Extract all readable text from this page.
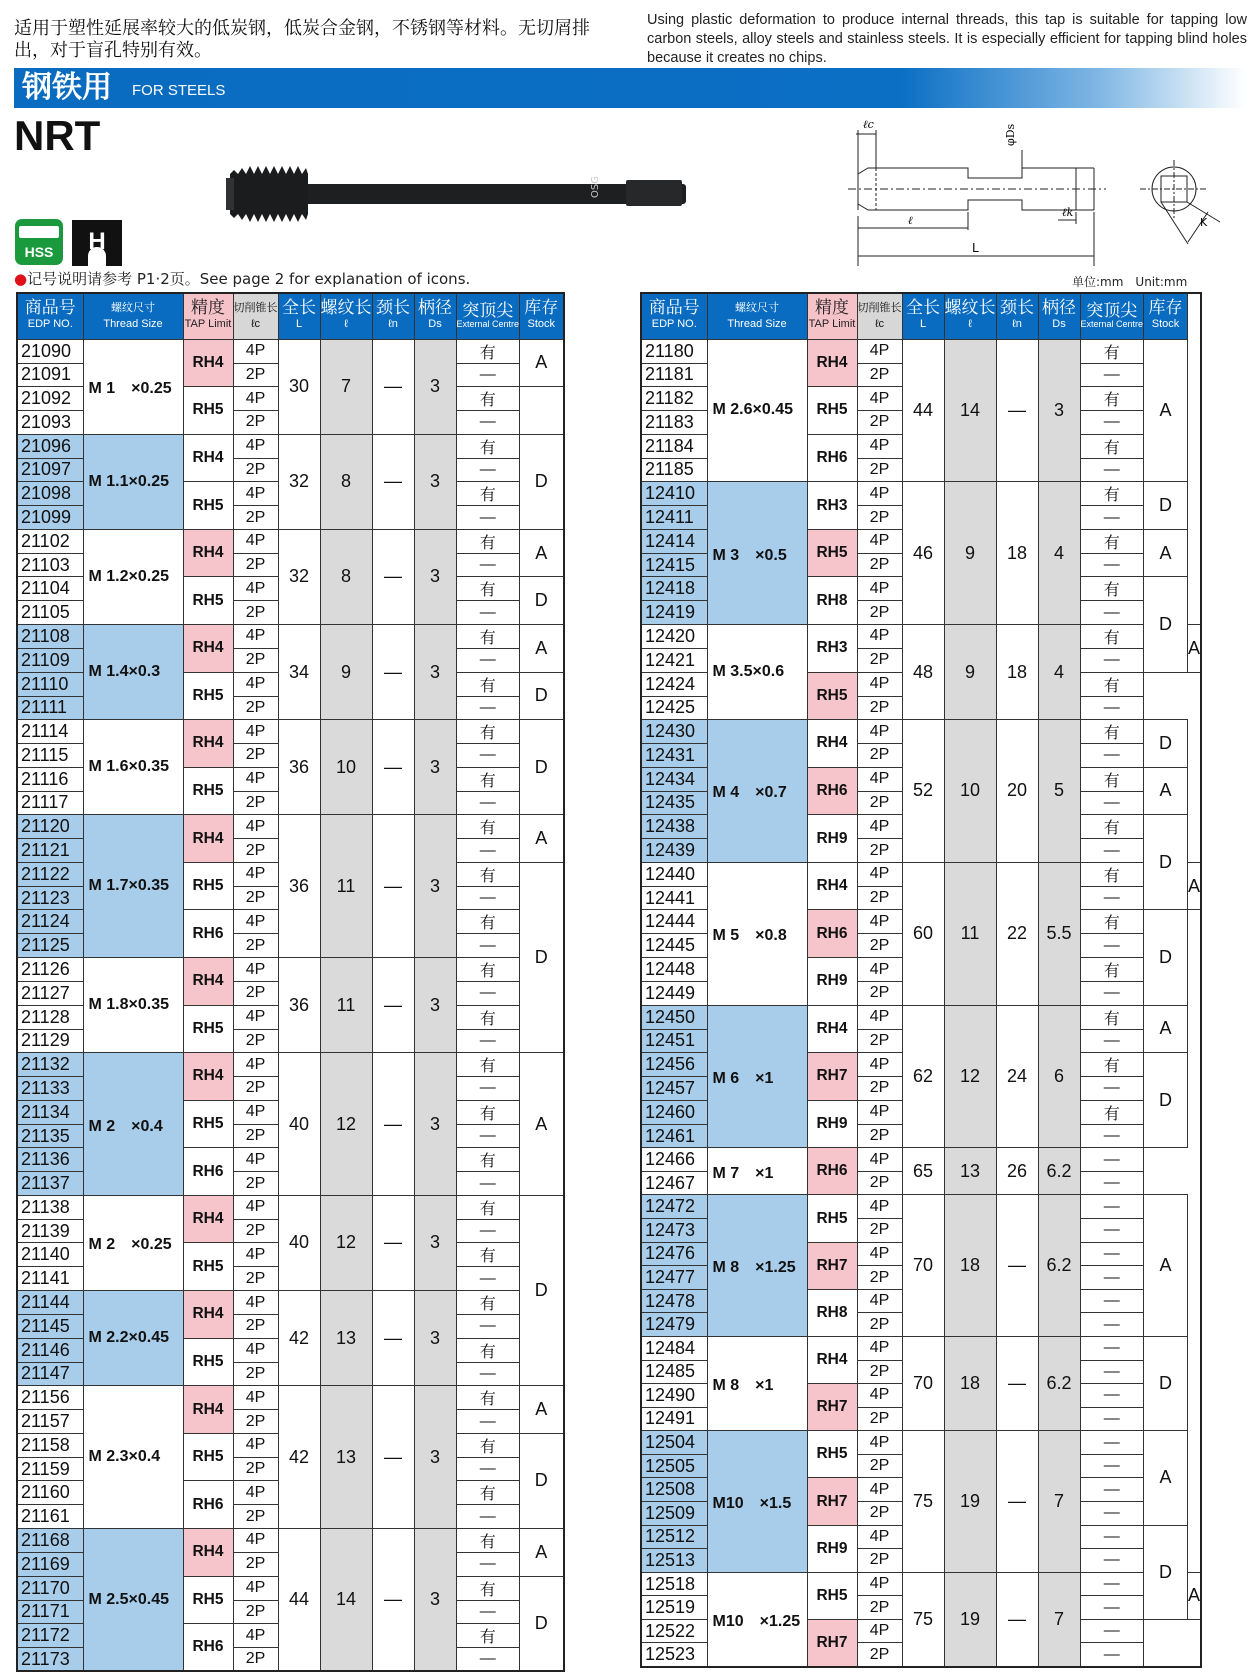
适用于塑性延展率较大的低炭钢，低炭合金钢，不锈钢等材料。无切屑排出，对于盲孔特别有效。
Using plastic deformation to produce internal threads, this tap is suitable for tapping low carbon steels, alloy steels and stainless steels. It is especially efficient for tapping blind holes because it creates no chips.
钢铁用 FOR STEELS
NRT
OSG
ℓc	φDs
ℓ
ℓk
L
K
HSS H
●记号说明请参考 P1·2页。See page 2 for explanation of icons.	单位:mm　Unit:mm
商品号
EDP NO.	螺纹尺寸
Thread Size	精度
TAP Limit	切削锥长
ℓc	全长
L	螺纹长
ℓ	颈长
ℓn	柄径
Ds	突顶尖
External Centre	库存
Stock

21090	M 1　×0.25	RH4	4P	30	7	—	3	有	A
21091			2P					—	
21092		RH5	4P					有	
21093			2P					—	
21096	M 1.1×0.25	RH4	4P	32	8	—	3	有	D
21097			2P					—	
21098		RH5	4P					有	
21099			2P					—	
21102	M 1.2×0.25	RH4	4P	32	8	—	3	有	A
21103			2P					—	
21104		RH5	4P					有	D
21105			2P					—	
21108	M 1.4×0.3	RH4	4P	34	9	—	3	有	A
21109			2P					—	
21110		RH5	4P					有	D
21111			2P					—	
21114	M 1.6×0.35	RH4	4P	36	10	—	3	有	D
21115			2P					—	
21116		RH5	4P					有	
21117			2P					—	
21120	M 1.7×0.35	RH4	4P	36	11	—	3	有	A
21121			2P					—	
21122		RH5	4P					有	D
21123			2P					—	
21124		RH6	4P					有	
21125			2P					—	
21126	M 1.8×0.35	RH4	4P	36	11	—	3	有	
21127			2P					—	
21128		RH5	4P					有	
21129			2P					—	
21132	M 2　×0.4	RH4	4P	40	12	—	3	有	A
21133			2P					—	
21134		RH5	4P					有	
21135			2P					—	
21136		RH6	4P					有	
21137			2P					—	
21138	M 2　×0.25	RH4	4P	40	12	—	3	有	D
21139			2P					—	
21140		RH5	4P					有	
21141			2P					—	
21144	M 2.2×0.45	RH4	4P	42	13	—	3	有	
21145			2P					—	
21146		RH5	4P					有	
21147			2P					—	
21156	M 2.3×0.4	RH4	4P	42	13	—	3	有	A
21157			2P					—	
21158		RH5	4P					有	D
21159			2P					—	
21160		RH6	4P					有	
21161			2P					—	
21168	M 2.5×0.45	RH4	4P	44	14	—	3	有	A
21169			2P					—	
21170		RH5	4P					有	D
21171			2P					—	
21172		RH6	4P					有	
21173			2P					—	
商品号
EDP NO.	螺纹尺寸
Thread Size	精度
TAP Limit	切削锥长
ℓc	全长
L	螺纹长
ℓ	颈长
ℓn	柄径
Ds	突顶尖
External Centre	库存
Stock	

21180	M 2.6×0.45	RH4	4P	44	14	—	3	有	A	
21181			2P					—		
21182		RH5	4P					有		
21183			2P					—		
21184		RH6	4P					有		
21185			2P					—		
12410	M 3　×0.5	RH3	4P	46	9	18	4	有	D	
12411			2P					—		
12414		RH5	4P					有	A	
12415			2P					—		
12418		RH8	4P					有	D	
12419			2P					—		
12420	M 3.5×0.6	RH3	4P	48	9	18	4	有		A
12421			2P					—		
12424		RH5	4P					有		
12425			2P					—		
12430	M 4　×0.7	RH4	4P	52	10	20	5	有	D	
12431			2P					—		
12434		RH6	4P					有	A	
12435			2P					—		
12438		RH9	4P					有	D	
12439			2P					—		
12440	M 5　×0.8	RH4	4P	60	11	22	5.5	有		A
12441			2P					—		
12444		RH6	4P					有	D	
12445			2P					—		
12448		RH9	4P					有		
12449			2P					—		
12450	M 6　×1	RH4	4P	62	12	24	6	有	A	
12451			2P					—		
12456		RH7	4P					有	D	
12457			2P					—		
12460		RH9	4P					有		
12461			2P					—		
12466	M 7　×1	RH6	4P	65	13	26	6.2	—		
12467			2P					—		
12472	M 8　×1.25	RH5	4P	70	18	—	6.2	—	A	
12473			2P					—		
12476		RH7	4P					—		
12477			2P					—		
12478		RH8	4P					—		
12479			2P					—		
12484	M 8　×1	RH4	4P	70	18	—	6.2	—	D	
12485			2P					—		
12490		RH7	4P					—		
12491			2P					—		
12504	M10　×1.5	RH5	4P	75	19	—	7	—	A	
12505			2P					—		
12508		RH7	4P					—		
12509			2P					—		
12512		RH9	4P					—	D	
12513			2P					—		
12518	M10　×1.25	RH5	4P	75	19	—	7	—		A
12519			2P					—		
12522		RH7	4P					—		
12523			2P					—		
